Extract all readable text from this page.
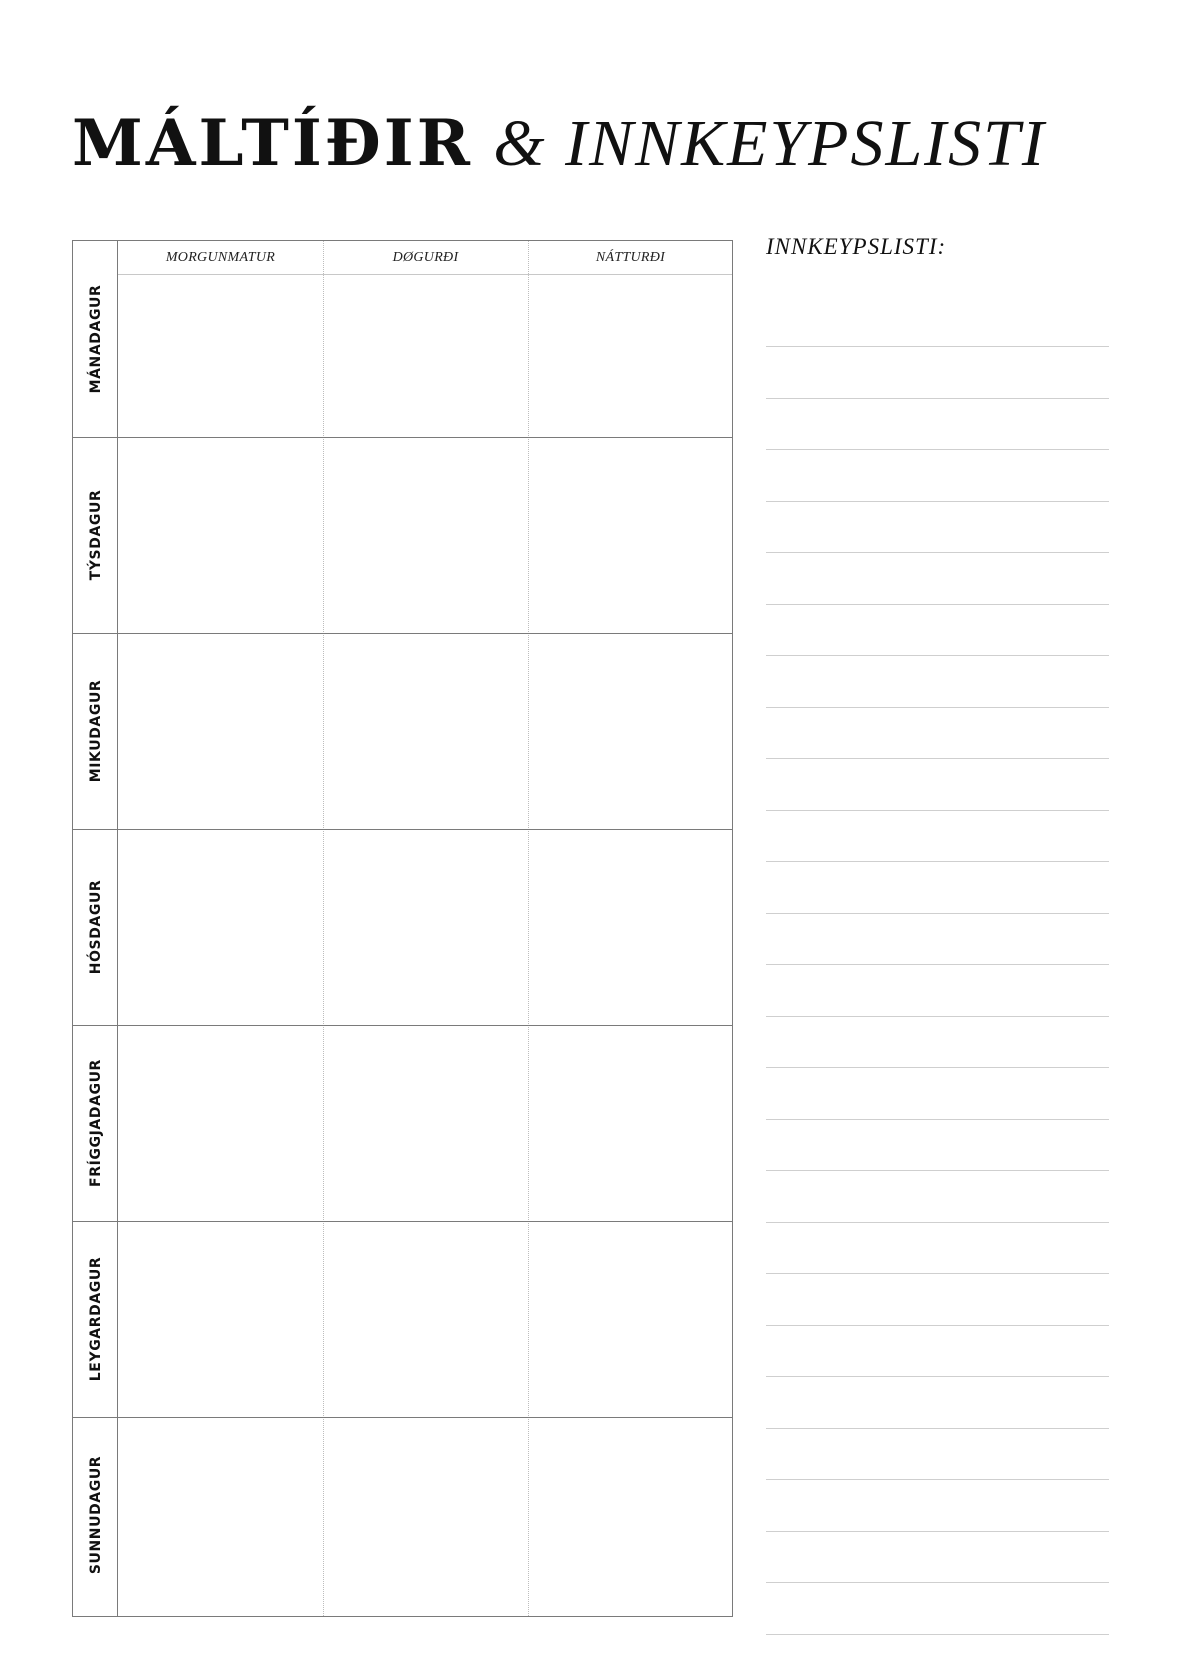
MÁLTÍÐIR & INNKEYPSLISTI
MORGUNMATUR	DØGURÐI	NÁTTURÐI
MÁNADAGUR
TÝSDAGUR
MIKUDAGUR
HÓSDAGUR
FRÍGGJADAGUR
LEYGARDAGUR
SUNNUDAGUR
INNKEYPSLISTI:
